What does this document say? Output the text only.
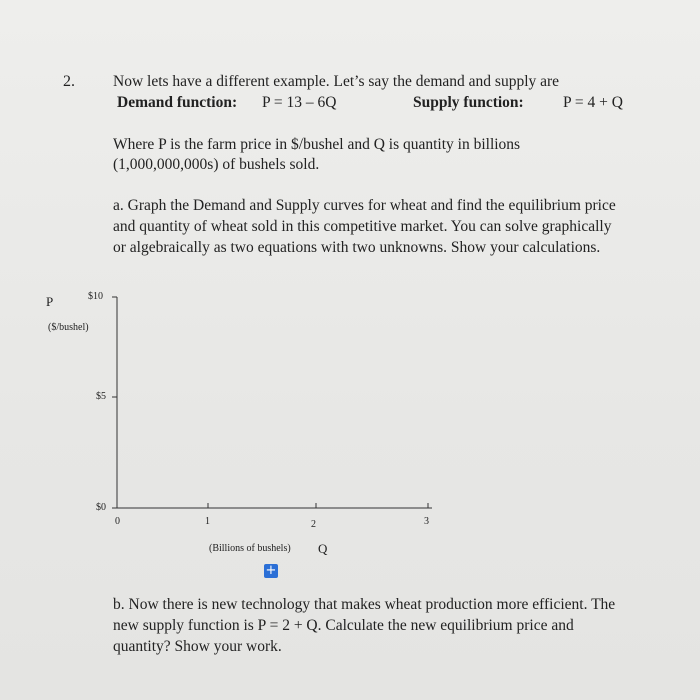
2. Now lets have a different example. Let’s say the demand and supply are
Demand function: P = 13 – 6Q	Supply function:	P = 4 + Q
Where P is the farm price in $/bushel and Q is quantity in billions
(1,000,000,000s) of bushels sold.
a. Graph the Demand and Supply curves for wheat and find the equilibrium price
and quantity of wheat sold in this competitive market. You can solve graphically
or algebraically as two equations with two unknowns. Show your calculations.
P
($/bushel)
$10
$5
$0
0	1	2	3
(Billions of bushels) Q
+
b. Now there is new technology that makes wheat production more efficient. The
new supply function is P = 2 + Q. Calculate the new equilibrium price and
quantity? Show your work.
